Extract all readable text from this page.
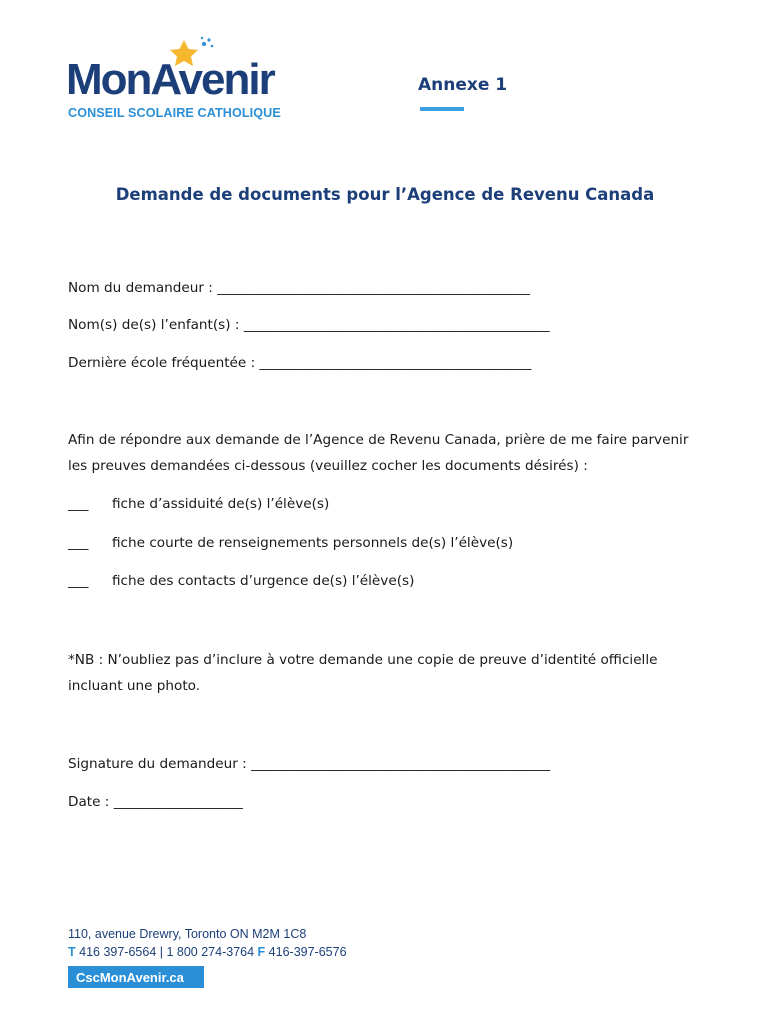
MonAvenir
CONSEIL SCOLAIRE CATHOLIQUE
Annexe 1
Demande de documents pour l’Agence de Revenu Canada
Nom du demandeur : ______________________________________________
Nom(s) de(s) l’enfant(s) : _____________________________________________
Dernière école fréquentée : ________________________________________
Afin de répondre aux demande de l’Agence de Revenu Canada, prière de me faire parvenir
les preuves demandées ci-dessous (veuillez cocher les documents désirés) :
___ fiche d’assiduité de(s) l’élève(s)
___ fiche courte de renseignements personnels de(s) l’élève(s)
___ fiche des contacts d’urgence de(s) l’élève(s)
*NB : N’oubliez pas d’inclure à votre demande une copie de preuve d’identité officielle
incluant une photo.
Signature du demandeur : ____________________________________________
Date : ___________________
110, avenue Drewry, Toronto ON M2M 1C8
T 416 397-6564 | 1 800 274-3764 F 416-397-6576
CscMonAvenir.ca
